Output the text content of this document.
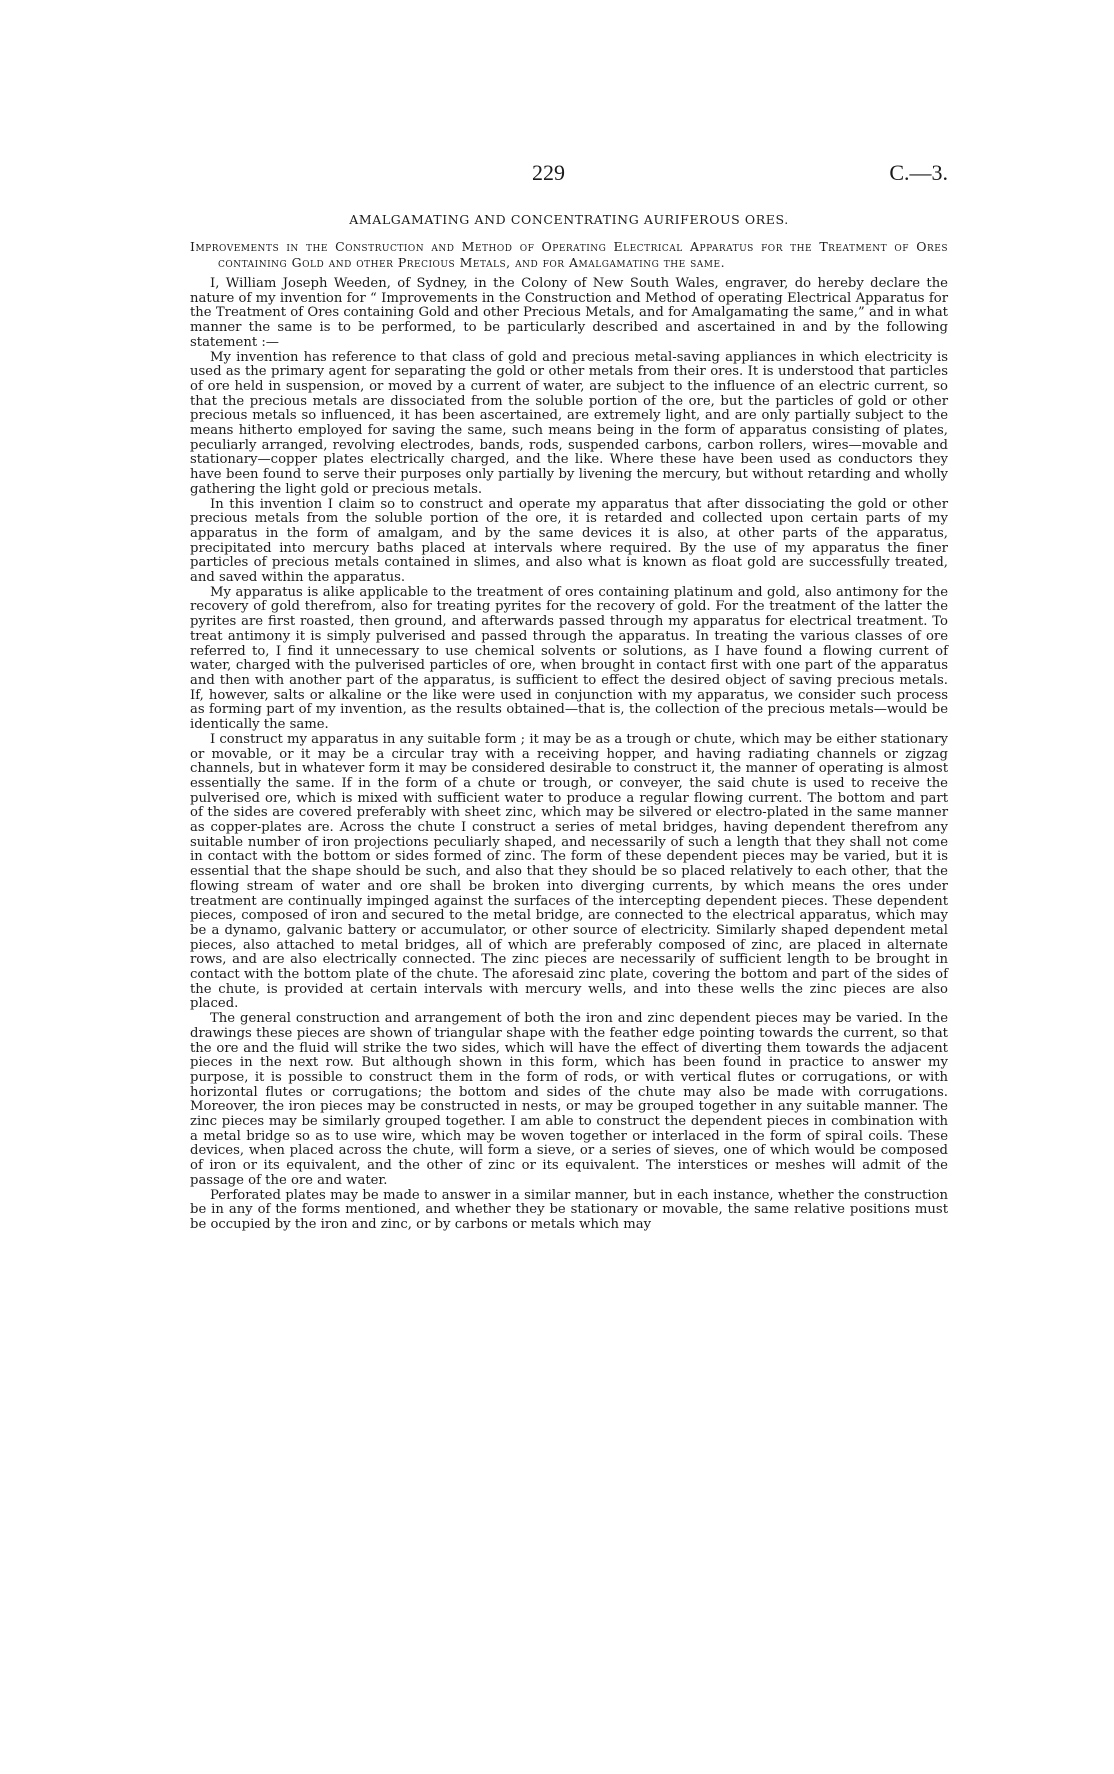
229	C.—3.
AMALGAMATING AND CONCENTRATING AURIFEROUS ORES.
Improvements in the Construction and Method of Operating Electrical Apparatus for the Treatment of Ores containing Gold and other Precious Metals, and for Amalgamating the same.

I, William Joseph Weeden, of Sydney, in the Colony of New South Wales, engraver, do hereby declare the nature of my invention for “ Improvements in the Construction and Method of operating Electrical Apparatus for the Treatment of Ores containing Gold and other Precious Metals, and for Amalgamating the same,” and in what manner the same is to be performed, to be particularly described and ascertained in and by the following statement :—

My invention has reference to that class of gold and precious metal-saving appliances in which electricity is used as the primary agent for separating the gold or other metals from their ores. It is understood that particles of ore held in suspension, or moved by a current of water, are subject to the influence of an electric current, so that the precious metals are dissociated from the soluble portion of the ore, but the particles of gold or other precious metals so influenced, it has been ascertained, are extremely light, and are only partially subject to the means hitherto employed for saving the same, such means being in the form of apparatus consisting of plates, peculiarly arranged, revolving electrodes, bands, rods, suspended carbons, carbon rollers, wires—movable and stationary—copper plates electrically charged, and the like. Where these have been used as conductors they have been found to serve their purposes only partially by livening the mercury, but without retarding and wholly gathering the light gold or precious metals.

In this invention I claim so to construct and operate my apparatus that after dissociating the gold or other precious metals from the soluble portion of the ore, it is retarded and collected upon certain parts of my apparatus in the form of amalgam, and by the same devices it is also, at other parts of the apparatus, precipitated into mercury baths placed at intervals where required. By the use of my apparatus the finer particles of precious metals contained in slimes, and also what is known as float gold are successfully treated, and saved within the apparatus.

My apparatus is alike applicable to the treatment of ores containing platinum and gold, also antimony for the recovery of gold therefrom, also for treating pyrites for the recovery of gold. For the treatment of the latter the pyrites are first roasted, then ground, and afterwards passed through my apparatus for electrical treatment. To treat antimony it is simply pulverised and passed through the apparatus. In treating the various classes of ore referred to, I find it unnecessary to use chemical solvents or solutions, as I have found a flowing current of water, charged with the pulverised particles of ore, when brought in contact first with one part of the apparatus and then with another part of the apparatus, is sufficient to effect the desired object of saving precious metals. If, however, salts or alkaline or the like were used in conjunction with my apparatus, we consider such process as forming part of my invention, as the results obtained—that is, the collection of the precious metals—would be identically the same.

I construct my apparatus in any suitable form ; it may be as a trough or chute, which may be either stationary or movable, or it may be a circular tray with a receiving hopper, and having radiating channels or zigzag channels, but in whatever form it may be considered desirable to construct it, the manner of operating is almost essentially the same. If in the form of a chute or trough, or conveyer, the said chute is used to receive the pulverised ore, which is mixed with sufficient water to produce a regular flowing current. The bottom and part of the sides are covered preferably with sheet zinc, which may be silvered or electro-plated in the same manner as copper-plates are. Across the chute I construct a series of metal bridges, having dependent therefrom any suitable number of iron projections peculiarly shaped, and necessarily of such a length that they shall not come in contact with the bottom or sides formed of zinc. The form of these dependent pieces may be varied, but it is essential that the shape should be such, and also that they should be so placed relatively to each other, that the flowing stream of water and ore shall be broken into diverging currents, by which means the ores under treatment are continually impinged against the surfaces of the intercepting dependent pieces. These dependent pieces, composed of iron and secured to the metal bridge, are connected to the electrical apparatus, which may be a dynamo, galvanic battery or accumulator, or other source of electricity. Similarly shaped dependent metal pieces, also attached to metal bridges, all of which are preferably composed of zinc, are placed in alternate rows, and are also electrically connected. The zinc pieces are necessarily of sufficient length to be brought in contact with the bottom plate of the chute. The aforesaid zinc plate, covering the bottom and part of the sides of the chute, is provided at certain intervals with mercury wells, and into these wells the zinc pieces are also placed.

The general construction and arrangement of both the iron and zinc dependent pieces may be varied. In the drawings these pieces are shown of triangular shape with the feather edge pointing towards the current, so that the ore and the fluid will strike the two sides, which will have the effect of diverting them towards the adjacent pieces in the next row. But although shown in this form, which has been found in practice to answer my purpose, it is possible to construct them in the form of rods, or with vertical flutes or corrugations, or with horizontal flutes or corrugations; the bottom and sides of the chute may also be made with corrugations. Moreover, the iron pieces may be constructed in nests, or may be grouped together in any suitable manner. The zinc pieces may be similarly grouped together. I am able to construct the dependent pieces in combination with a metal bridge so as to use wire, which may be woven together or interlaced in the form of spiral coils. These devices, when placed across the chute, will form a sieve, or a series of sieves, one of which would be composed of iron or its equivalent, and the other of zinc or its equivalent. The interstices or meshes will admit of the passage of the ore and water.

Perforated plates may be made to answer in a similar manner, but in each instance, whether the construction be in any of the forms mentioned, and whether they be stationary or movable, the same relative positions must be occupied by the iron and zinc, or by carbons or metals which may
